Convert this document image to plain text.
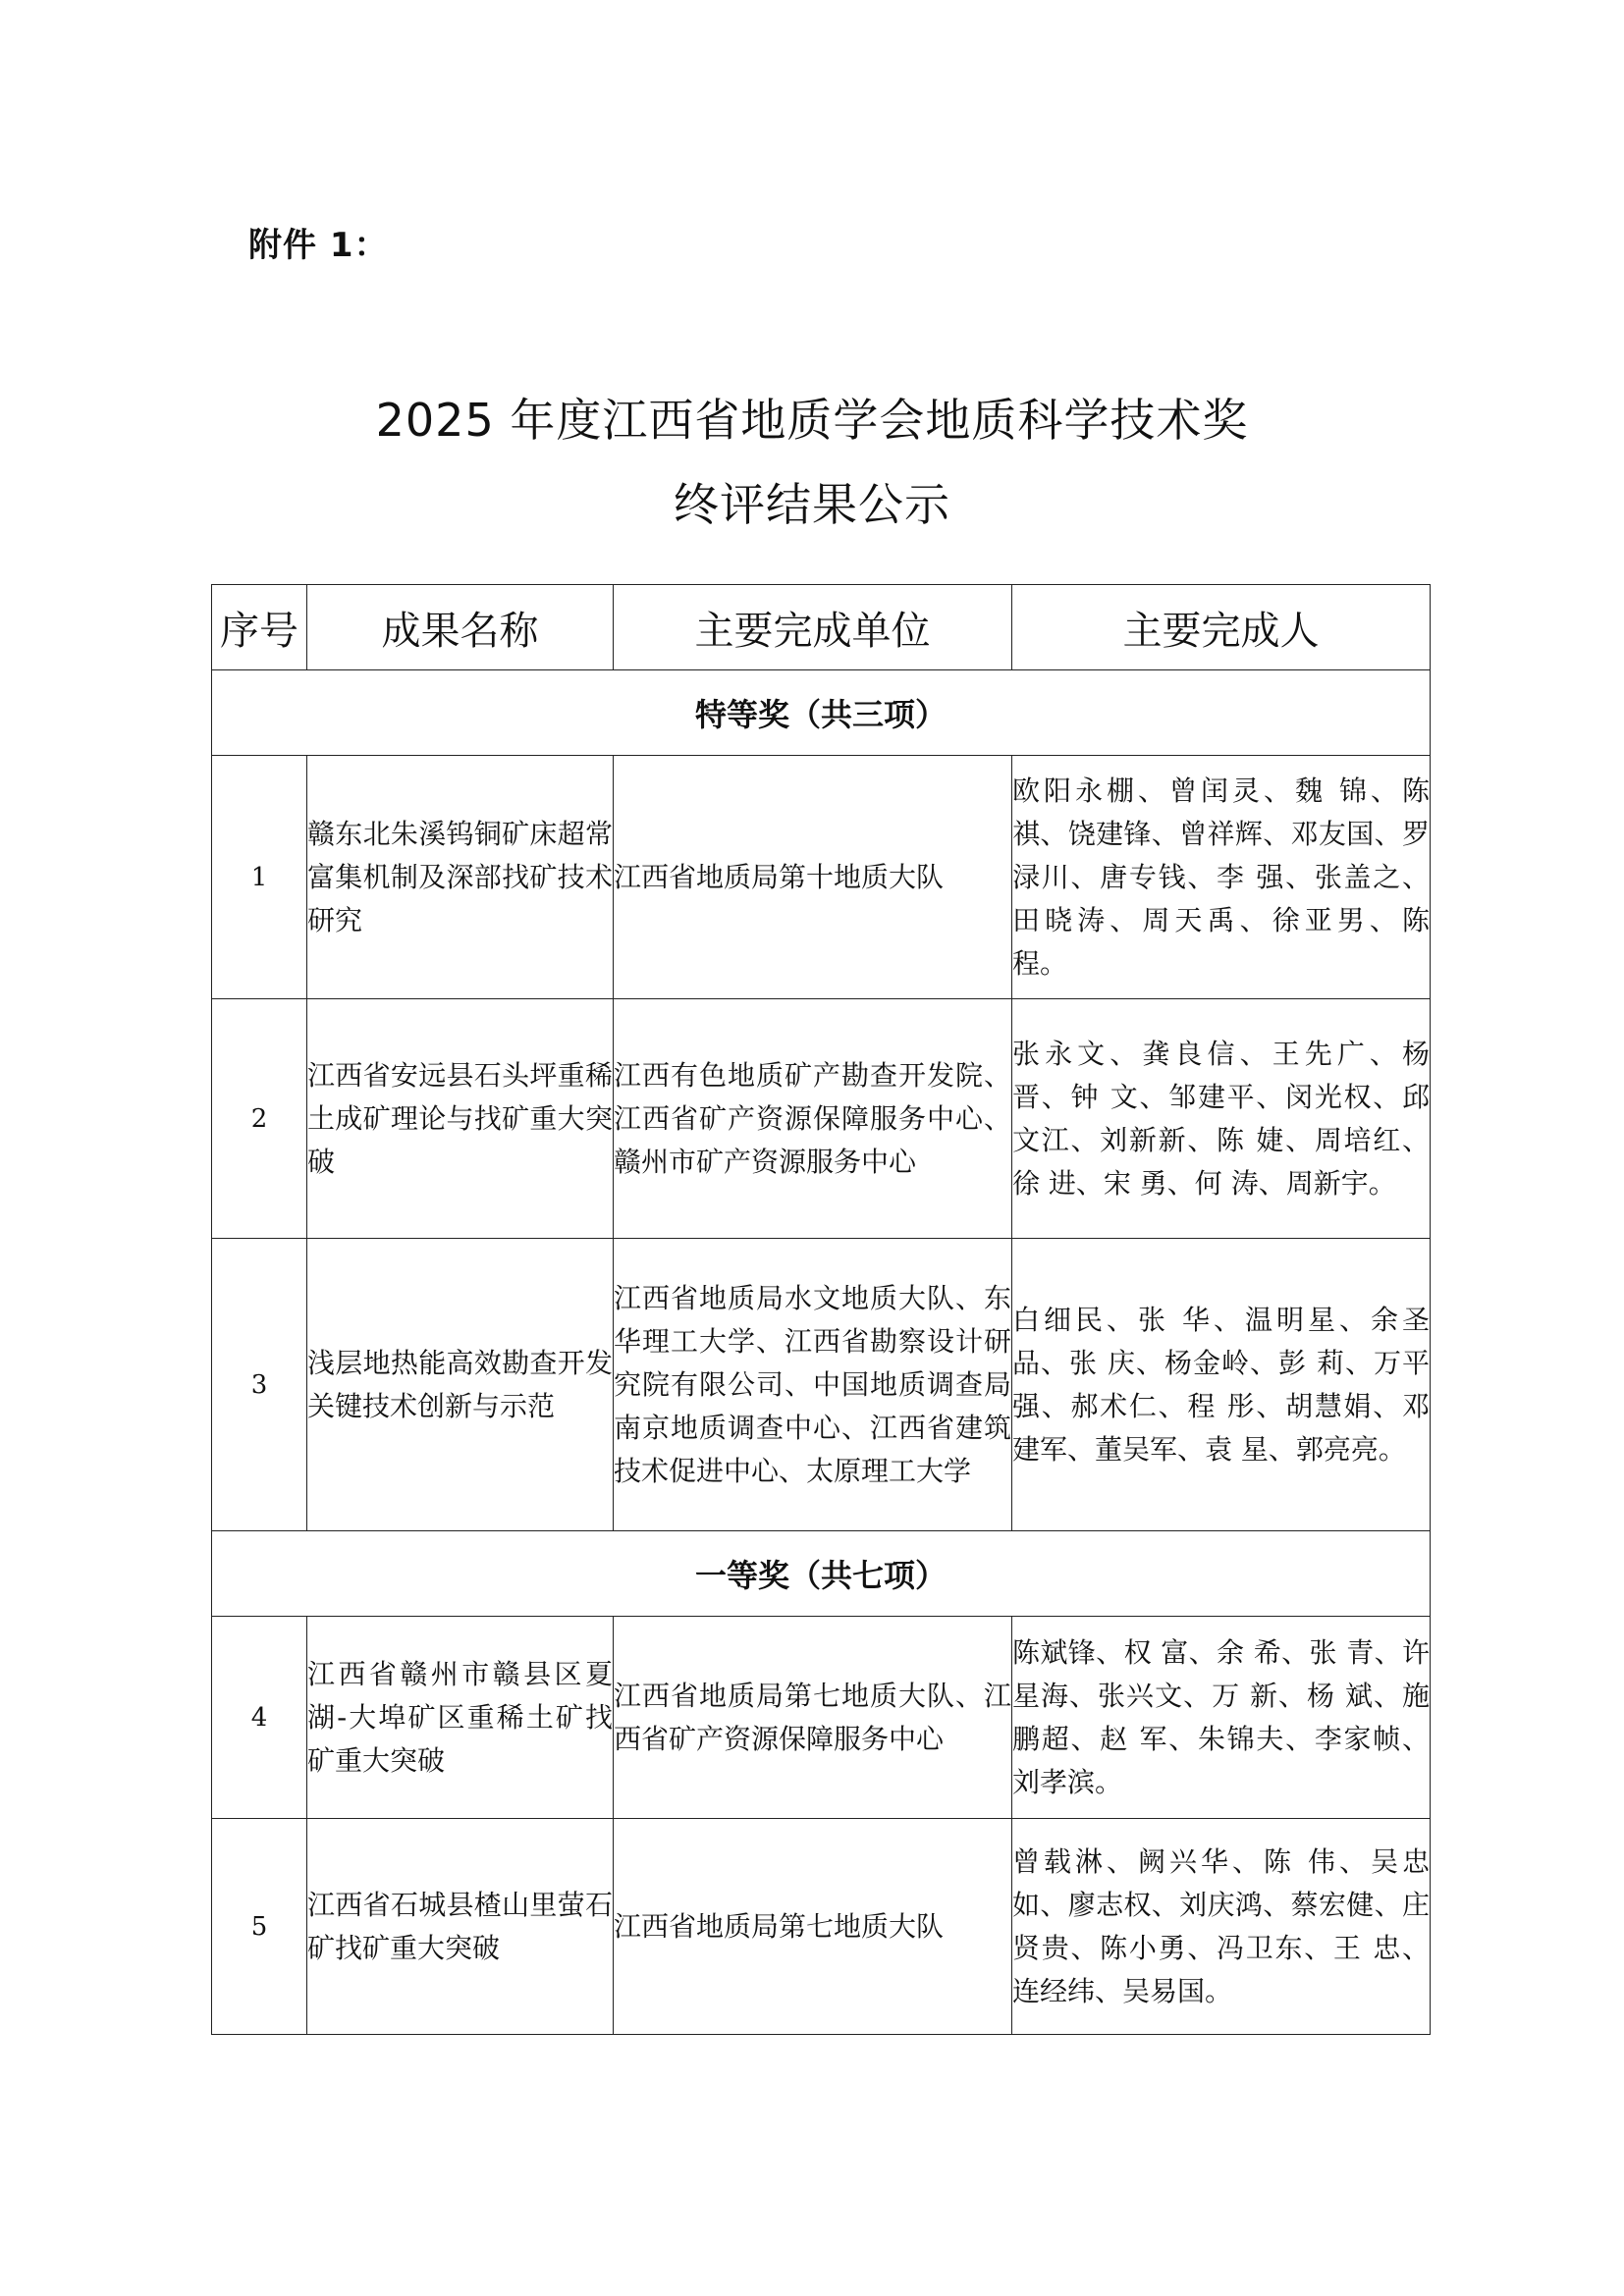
附件 1：
2025 年度江西省地质学会地质科学技术奖
终评结果公示
序号	成果名称	主要完成单位	主要完成人
特等奖（共三项）			
1	赣东北朱溪钨铜矿床超常富集机制及深部找矿技术研究	江西省地质局第十地质大队	欧阳永棚、曾闰灵、魏 锦、陈 祺、饶建锋、曾祥辉、邓友国、罗渌川、唐专钱、李 强、张盖之、田晓涛、周天禹、徐亚男、陈 程。
2	江西省安远县石头坪重稀土成矿理论与找矿重大突破	江西有色地质矿产勘查开发院、江西省矿产资源保障服务中心、赣州市矿产资源服务中心	张永文、龚良信、王先广、杨 晋、钟 文、邹建平、闵光权、邱文江、刘新新、陈 婕、周培红、徐 进、宋 勇、何 涛、周新宇。
3	浅层地热能高效勘查开发关键技术创新与示范	江西省地质局水文地质大队、东华理工大学、江西省勘察设计研究院有限公司、中国地质调查局南京地质调查中心、江西省建筑技术促进中心、太原理工大学	白细民、张 华、温明星、余圣品、张 庆、杨金岭、彭 莉、万平强、郝术仁、程 彤、胡慧娟、邓建军、董吴军、袁 星、郭亮亮。
一等奖（共七项）			
4	江西省赣州市赣县区夏湖-大埠矿区重稀土矿找矿重大突破	江西省地质局第七地质大队、江西省矿产资源保障服务中心	陈斌锋、权 富、余 希、张 青、许星海、张兴文、万 新、杨 斌、施鹏超、赵 军、朱锦夫、李家帧、刘孝滨。
5	江西省石城县楂山里萤石矿找矿重大突破	江西省地质局第七地质大队	曾载淋、阙兴华、陈 伟、吴忠如、廖志权、刘庆鸿、蔡宏健、庄贤贵、陈小勇、冯卫东、王 忠、连经纬、吴易国。
